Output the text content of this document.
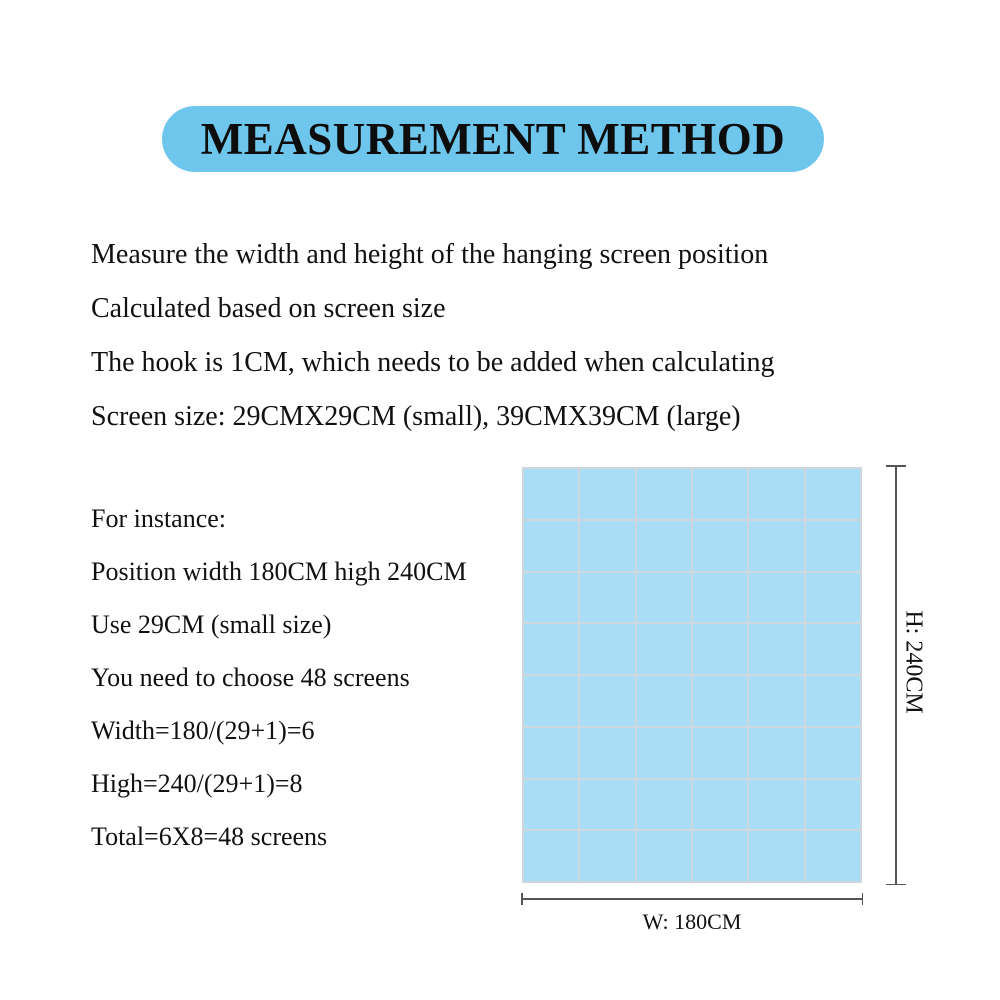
MEASUREMENT METHOD
Measure the width and height of the hanging screen position
Calculated based on screen size
The hook is 1CM, which needs to be added when calculating
Screen size: 29CMX29CM (small), 39CMX39CM (large)
For instance:
Position width 180CM high 240CM
Use 29CM (small size)
You need to choose 48 screens
Width=180/(29+1)=6
High=240/(29+1)=8
Total=6X8=48 screens
H: 240CM
W: 180CM
